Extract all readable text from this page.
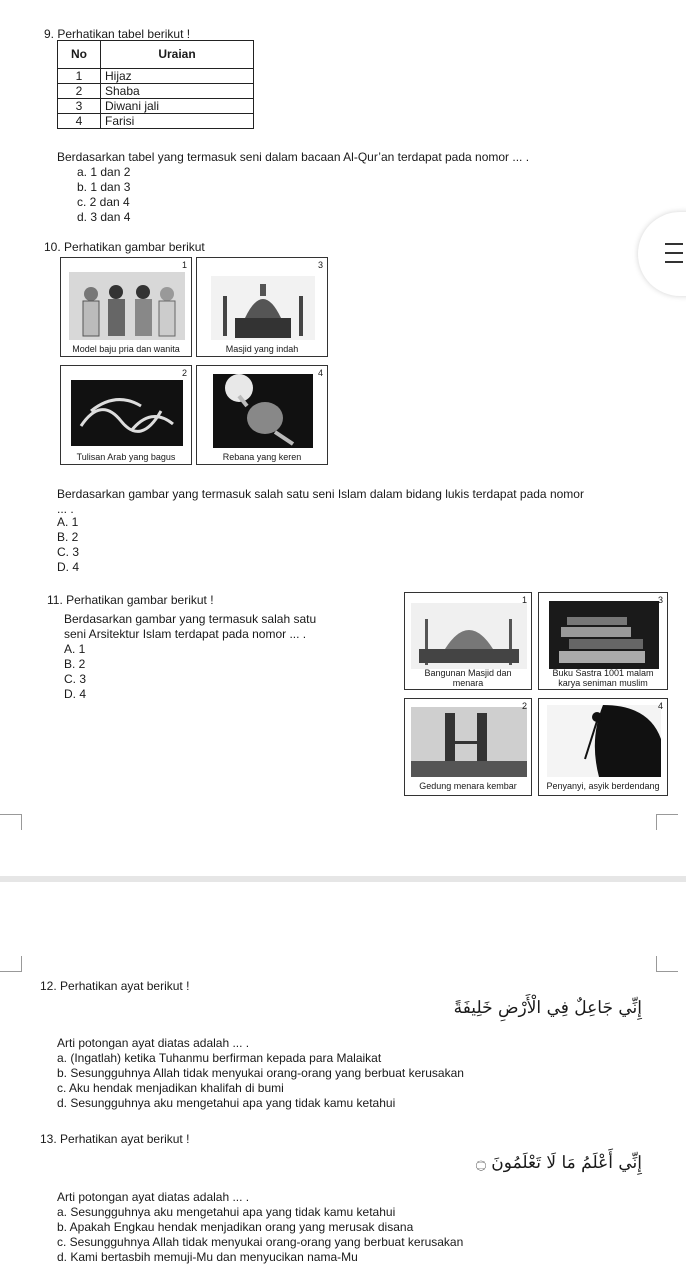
9. Perhatikan tabel berikut !
No	Uraian
1	Hijaz
2	Shaba
3	Diwani jali
4	Farisi
Berdasarkan tabel yang termasuk seni dalam bacaan Al-Qur’an terdapat pada nomor ... .
a. 1 dan 2
b. 1 dan 3
c. 2 dan 4
d. 3 dan 4
10. Perhatikan gambar berikut
1
Model baju pria dan wanita
3
Masjid yang indah
2
Tulisan Arab yang bagus
4
Rebana yang keren
Berdasarkan gambar yang termasuk salah satu seni Islam dalam bidang lukis terdapat pada nomor
... .
A. 1
B. 2
C. 3
D. 4
11. Perhatikan gambar berikut !
Berdasarkan gambar yang termasuk salah satu
seni Arsitektur Islam terdapat pada nomor ... .
A. 1
B. 2
C. 3
D. 4
1
Bangunan Masjid dan
menara
3
Buku Sastra 1001 malam
karya seniman muslim
2
Gedung menara kembar
4
Penyanyi, asyik berdendang
12. Perhatikan ayat berikut !
إِنِّي جَاعِلٌ فِي الْأَرْضِ خَلِيفَةً
Arti potongan ayat diatas adalah ... .
a. (Ingatlah) ketika Tuhanmu berfirman kepada para Malaikat
b. Sesungguhnya Allah tidak menyukai orang-orang yang berbuat kerusakan
c. Aku hendak menjadikan khalifah di bumi
d. Sesungguhnya aku mengetahui apa yang tidak kamu ketahui
13. Perhatikan ayat berikut !
إِنِّي أَعْلَمُ مَا لَا تَعْلَمُونَ ۝
Arti potongan ayat diatas adalah ... .
a. Sesungguhnya aku mengetahui apa yang tidak kamu ketahui
b. Apakah Engkau hendak menjadikan orang yang merusak disana
c. Sesungguhnya Allah tidak menyukai orang-orang yang berbuat kerusakan
d. Kami bertasbih memuji-Mu dan menyucikan nama-Mu
